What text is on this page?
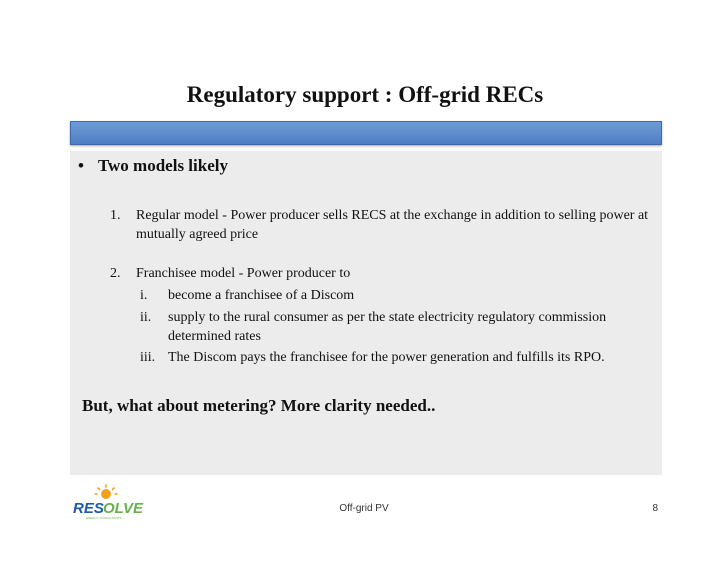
Regulatory support : Off-grid RECs
• Two models likely
1. Regular model - Power producer sells RECS at the exchange in addition to selling power at
mutually agreed price
2. Franchisee model - Power producer to
i. become a franchisee of a Discom
ii. supply to the rural consumer as per the state electricity regulatory commission
determined rates
iii. The Discom pays the franchisee for the power generation and fulfills its RPO.
But, what about metering? More clarity needed..
RES OLVE
ENERGY CONSULTANTS
Off-grid PV	8
